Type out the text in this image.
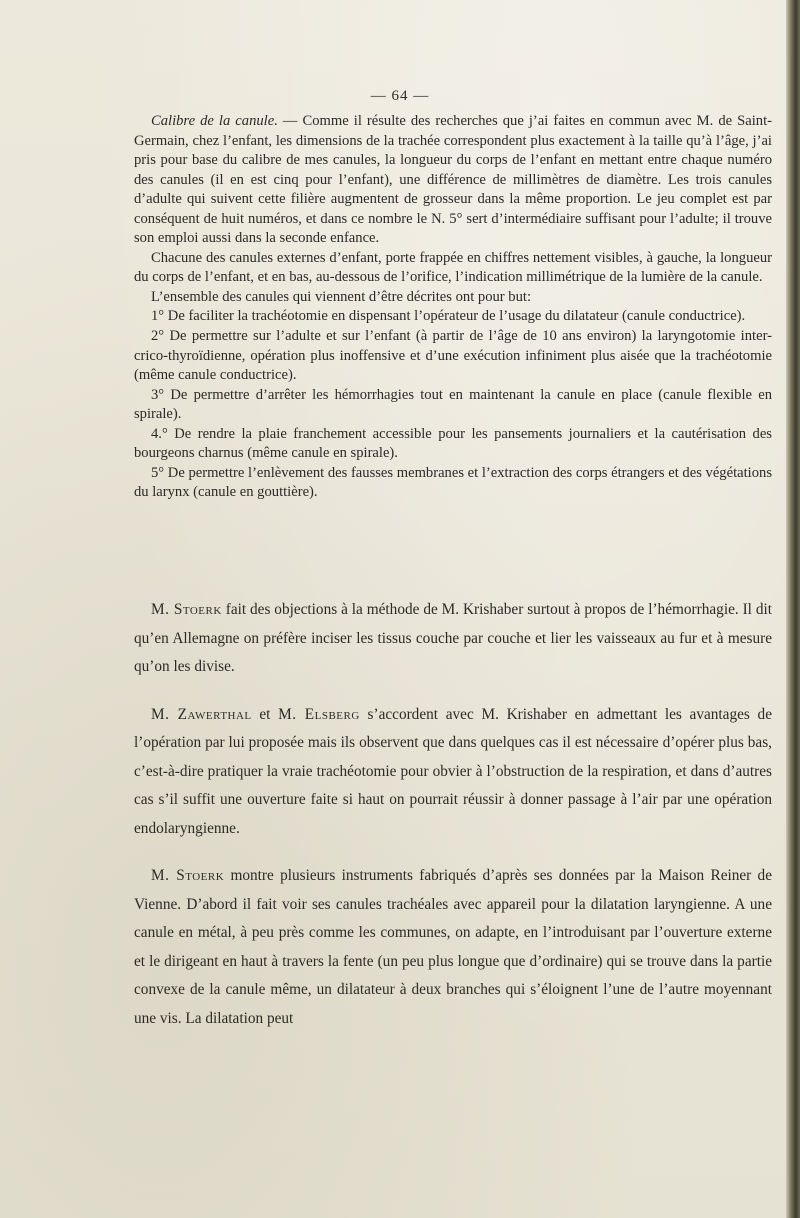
— 64 —

Calibre de la canule. — Comme il résulte des recherches que j’ai faites en commun avec M. de Saint-Germain, chez l’enfant, les dimensions de la trachée correspondent plus exactement à la taille qu’à l’âge, j’ai pris pour base du calibre de mes canules, la longueur du corps de l’enfant en mettant entre chaque numéro des canules (il en est cinq pour l’enfant), une différence de millimètres de diamètre. Les trois canules d’adulte qui suivent cette filière augmentent de grosseur dans la même proportion. Le jeu complet est par conséquent de huit numéros, et dans ce nombre le N. 5° sert d’intermédiaire suffisant pour l’adulte; il trouve son emploi aussi dans la seconde enfance.

Chacune des canules externes d’enfant, porte frappée en chiffres nettement visibles, à gauche, la longueur du corps de l’enfant, et en bas, au-dessous de l’orifice, l’indication millimétrique de la lumière de la canule.

L’ensemble des canules qui viennent d’être décrites ont pour but:

1° De faciliter la trachéotomie en dispensant l’opérateur de l’usage du dilatateur (canule conductrice).

2° De permettre sur l’adulte et sur l’enfant (à partir de l’âge de 10 ans environ) la laryngotomie inter-crico-thyroïdienne, opération plus inoffensive et d’une exécution infiniment plus aisée que la trachéotomie (même canule conductrice).

3° De permettre d’arrêter les hémorrhagies tout en maintenant la canule en place (canule flexible en spirale).

4.° De rendre la plaie franchement accessible pour les pansements journaliers et la cautérisation des bourgeons charnus (même canule en spirale).

5° De permettre l’enlèvement des fausses membranes et l’extraction des corps étrangers et des végétations du larynx (canule en gouttière).

M. Stoerk fait des objections à la méthode de M. Krishaber surtout à propos de l’hémorrhagie. Il dit qu’en Allemagne on préfère inciser les tissus couche par couche et lier les vaisseaux au fur et à mesure qu’on les divise.

M. Zawerthal et M. Elsberg s’accordent avec M. Krishaber en admettant les avantages de l’opération par lui proposée mais ils observent que dans quelques cas il est nécessaire d’opérer plus bas, c’est-à-dire pratiquer la vraie trachéotomie pour obvier à l’obstruction de la respiration, et dans d’autres cas s’il suffit une ouverture faite si haut on pourrait réussir à donner passage à l’air par une opération endolaryngienne.

M. Stoerk montre plusieurs instruments fabriqués d’après ses données par la Maison Reiner de Vienne. D’abord il fait voir ses canules trachéales avec appareil pour la dilatation laryngienne. A une canule en métal, à peu près comme les communes, on adapte, en l’introduisant par l’ouverture externe et le dirigeant en haut à travers la fente (un peu plus longue que d’ordinaire) qui se trouve dans la partie convexe de la canule même, un dilatateur à deux branches qui s’éloignent l’une de l’autre moyennant une vis. La dilatation peut
